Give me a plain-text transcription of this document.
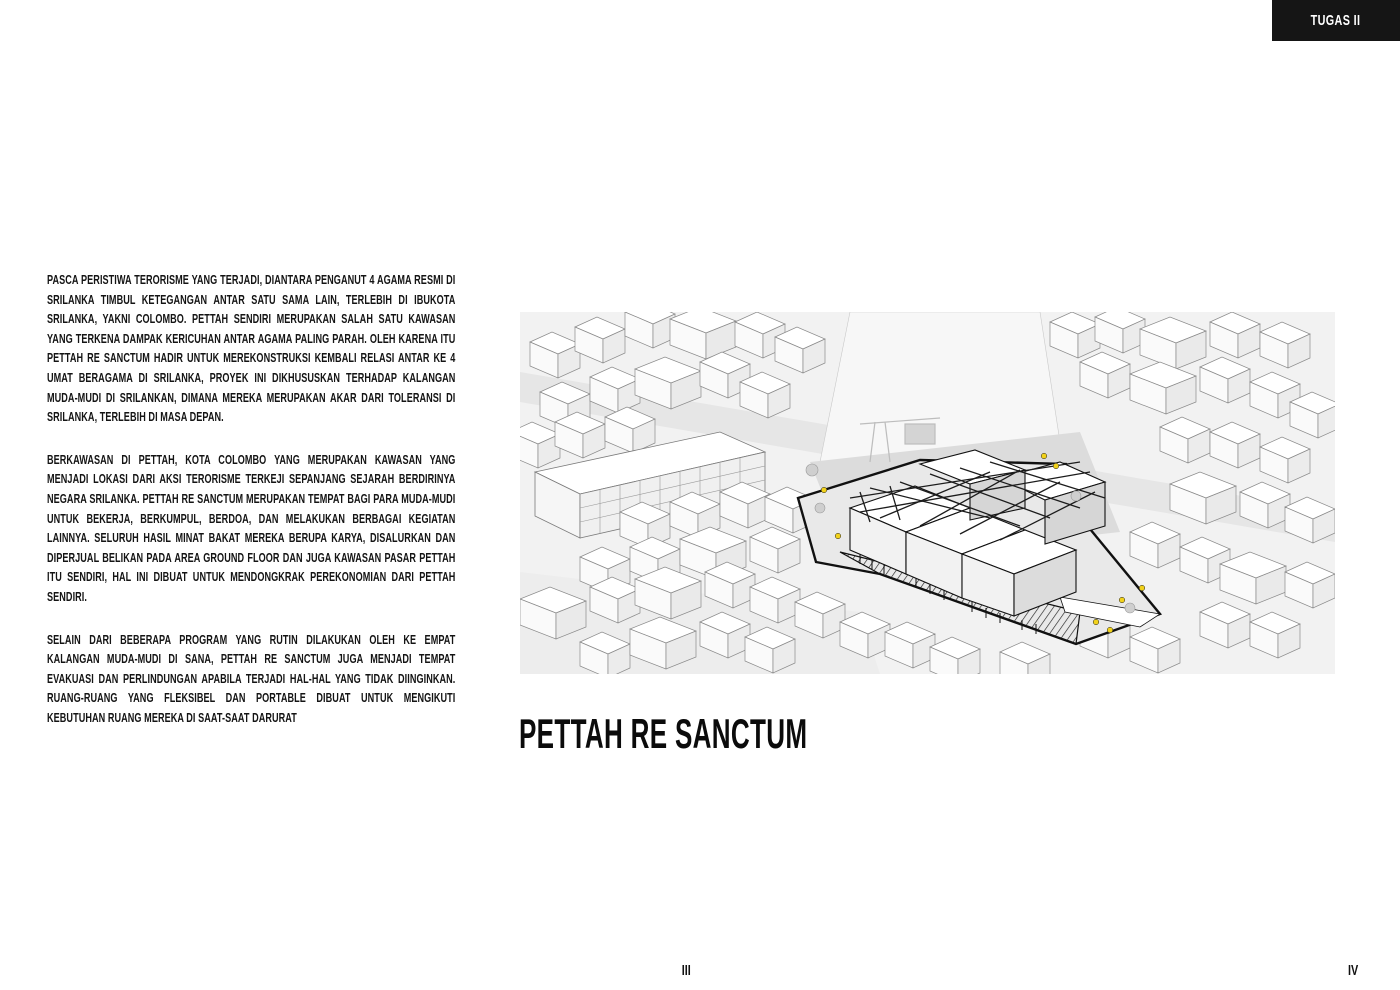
TUGAS II

PASCA PERISTIWA TERORISME YANG TERJADI, DIANTARA PENGANUT 4 AGAMA RESMI DI SRILANKA TIMBUL KETEGANGAN ANTAR SATU SAMA LAIN, TERLEBIH DI IBUKOTA SRILANKA, YAKNI COLOMBO. PETTAH SENDIRI MERUPAKAN SALAH SATU KAWASAN YANG TERKENA DAMPAK KERICUHAN ANTAR AGAMA PALING PARAH. OLEH KARENA ITU PETTAH RE SANCTUM HADIR UNTUK MEREKONSTRUKSI KEMBALI RELASI ANTAR KE 4 UMAT BERAGAMA DI SRILANKA, PROYEK INI DIKHUSUSKAN TERHADAP KALANGAN MUDA-MUDI DI SRILANKAN, DIMANA MEREKA MERUPAKAN AKAR DARI TOLERANSI DI SRILANKA, TERLEBIH DI MASA DEPAN.

BERKAWASAN DI PETTAH, KOTA COLOMBO YANG MERUPAKAN KAWASAN YANG MENJADI LOKASI DARI AKSI TERORISME TERKEJI SEPANJANG SEJARAH BERDIRINYA NEGARA SRILANKA. PETTAH RE SANCTUM MERUPAKAN TEMPAT BAGI PARA MUDA-MUDI UNTUK BEKERJA, BERKUMPUL, BERDOA, DAN MELAKUKAN BERBAGAI KEGIATAN LAINNYA. SELURUH HASIL MINAT BAKAT MEREKA BERUPA KARYA, DISALURKAN DAN DIPERJUAL BELIKAN PADA AREA GROUND FLOOR DAN JUGA KAWASAN PASAR PETTAH ITU SENDIRI, HAL INI DIBUAT UNTUK MENDONGKRAK PEREKONOMIAN DARI PETTAH SENDIRI.

SELAIN DARI BEBERAPA PROGRAM YANG RUTIN DILAKUKAN OLEH KE EMPAT KALANGAN MUDA-MUDI DI SANA, PETTAH RE SANCTUM JUGA MENJADI TEMPAT EVAKUASI DAN PERLINDUNGAN APABILA TERJADI HAL-HAL YANG TIDAK DIINGINKAN. RUANG-RUANG YANG FLEKSIBEL DAN PORTABLE DIBUAT UNTUK MENGIKUTI KEBUTUHAN RUANG MEREKA DI SAAT-SAAT DARURAT	PETTAH RE SANCTUM
III	IV
